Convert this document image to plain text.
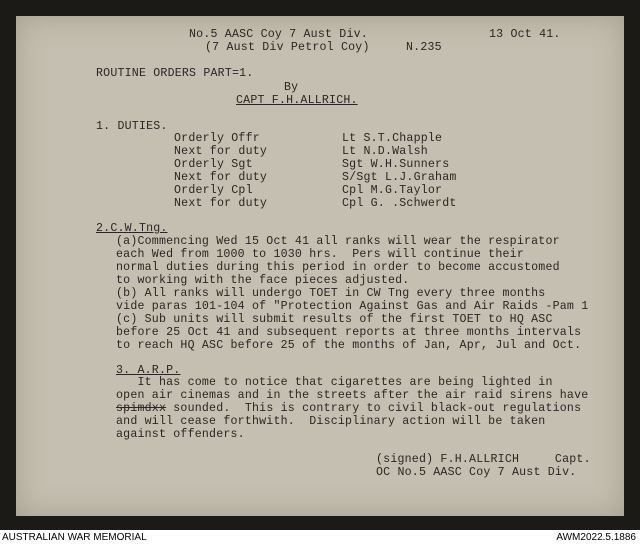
No.5 AASC Coy 7 Aust Div.	13 Oct 41.
(7 Aust Div Petrol Coy)	N.235
ROUTINE ORDERS PART=1.
By
CAPT F.H.ALLRICH.
1. DUTIES.
Orderly Offr	Lt S.T.Chapple
Next for duty	Lt N.D.Walsh
Orderly Sgt	Sgt W.H.Sunners
Next for duty	S/Sgt L.J.Graham
Orderly Cpl	Cpl M.G.Taylor
Next for duty	Cpl G. .Schwerdt
2.C.W.Tng.
(a)Commencing Wed 15 Oct 41 all ranks will wear the respirator
each Wed from 1000 to 1030 hrs.  Pers will continue their
normal duties during this period in order to become accustomed
to working with the face pieces adjusted.
(b) All ranks will undergo TOET in CW Tng every three months
vide paras 101-104 of "Protection Against Gas and Air Raids -Pam 1
(c) Sub units will submit results of the first TOET to HQ ASC
before 25 Oct 41 and subsequent reports at three months intervals
to reach HQ ASC before 25 of the months of Jan, Apr, Jul and Oct.
3. A.R.P.
It has come to notice that cigarettes are being lighted in
open air cinemas and in the streets after the air raid sirens have
spimdxx sounded.  This is contrary to civil black-out regulations
and will cease forthwith.  Disciplinary action will be taken
against offenders.
(signed) F.H.ALLRICH     Capt.
OC No.5 AASC Coy 7 Aust Div.
AUSTRALIAN WAR MEMORIAL	AWM2022.5.1886
